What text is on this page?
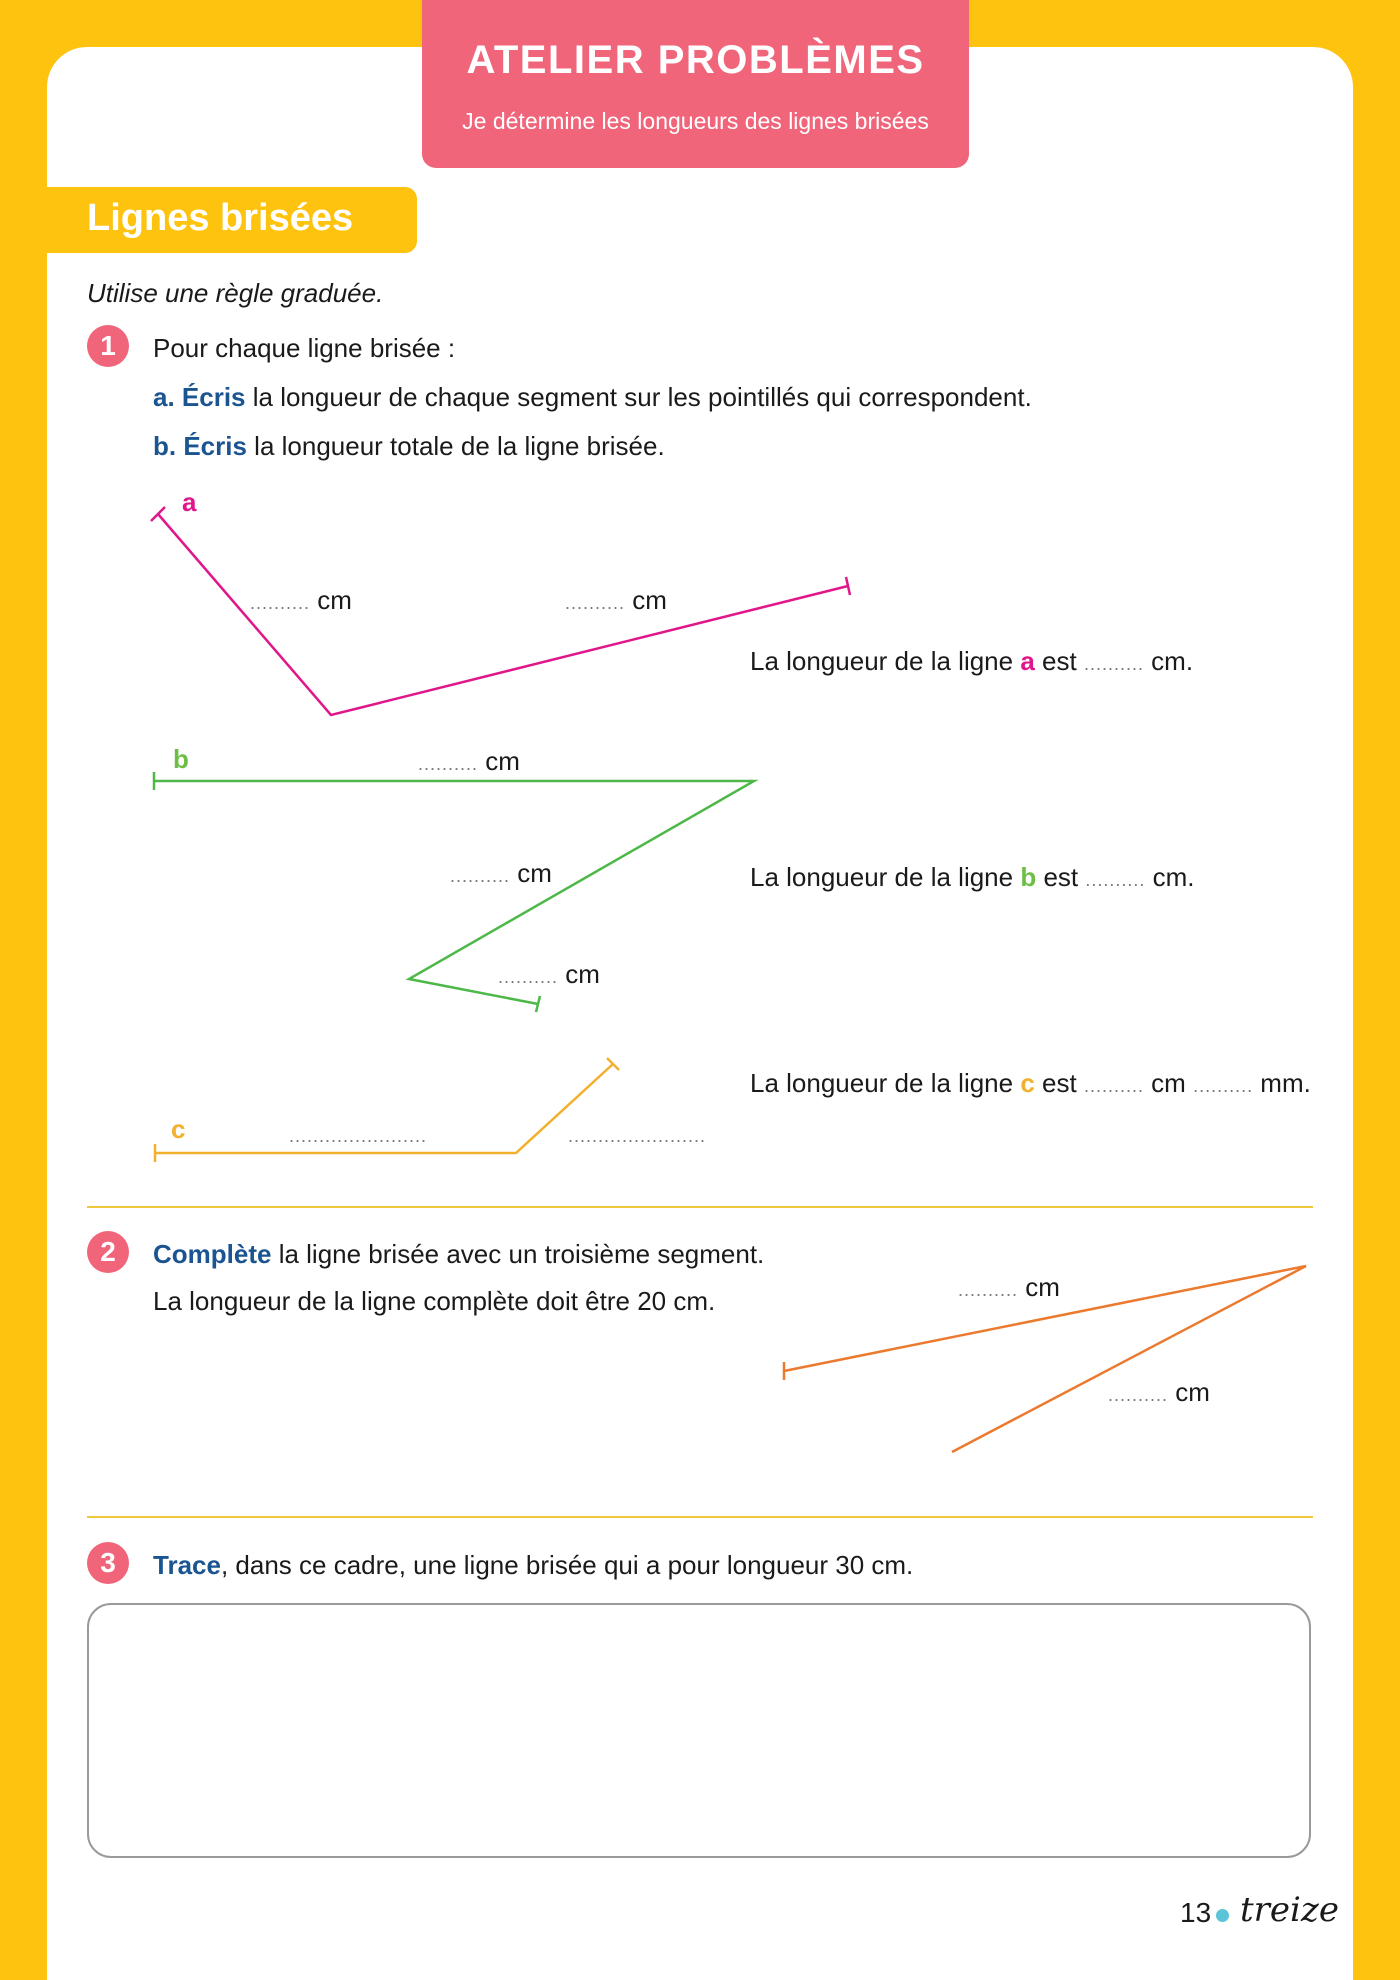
ATELIER PROBLÈMES
Je détermine les longueurs des lignes brisées
Lignes brisées
Utilise une règle graduée.
1	Pour chaque ligne brisée :
a. Écris la longueur de chaque segment sur les pointillés qui correspondent.
b. Écris la longueur totale de la ligne brisée.
a
.......... cm	.......... cm
La longueur de la ligne a est .......... cm.
b	.......... cm
.......... cm
.......... cm
La longueur de la ligne b est .......... cm.
c	.......................	.......................
La longueur de la ligne c est .......... cm .......... mm.
2	Complète la ligne brisée avec un troisième segment.
La longueur de la ligne complète doit être 20 cm.	.......... cm
.......... cm
3	Trace, dans ce cadre, une ligne brisée qui a pour longueur 30 cm.
13 treize
